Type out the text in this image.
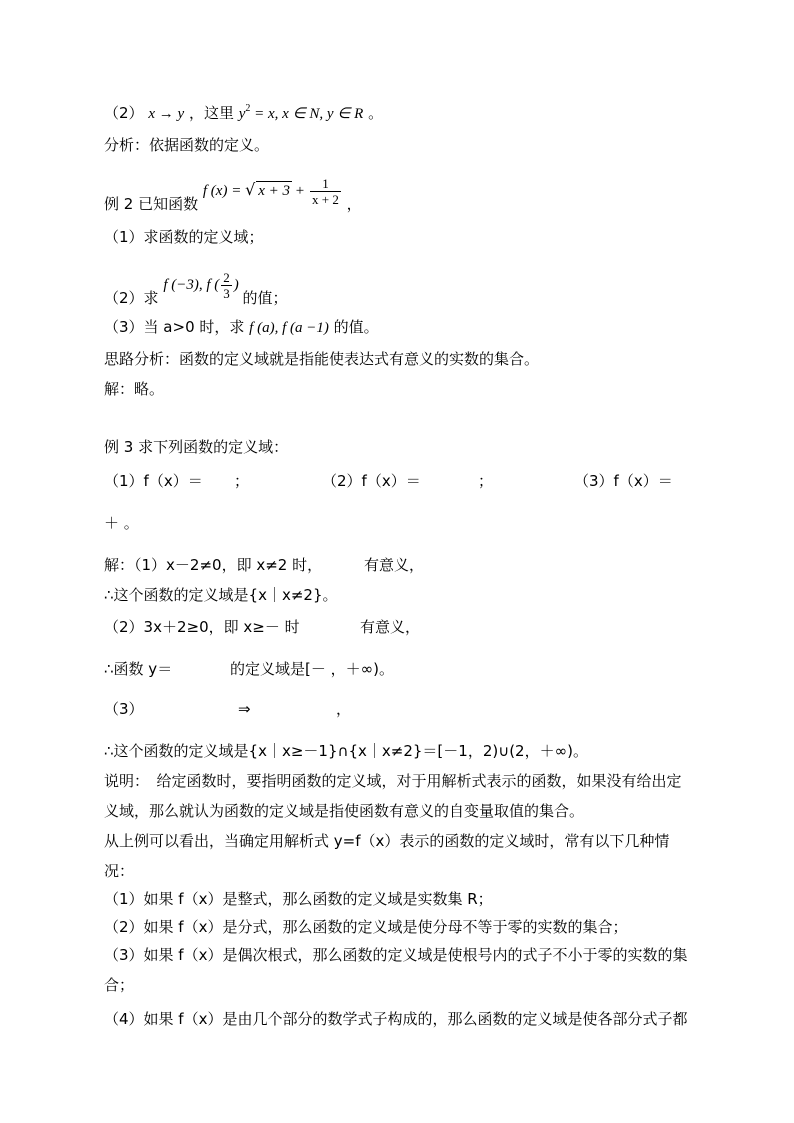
（2） x → y ，这里 $y^2 = x$, x ∈ N, y ∈ R 。
分析：依据函数的定义。
例 2 已知函数 f (x) = √ $x + 3 + \frac{1}{x + 2}$ ，
（1）求函数的定义域；
（2）求 f (−3), f ( $\frac{2}{3}$ ) 的值；
（3）当 a>0 时，求 f (a), f (a −1) 的值。
思路分析：函数的定义域就是指能使表达式有意义的实数的集合。
解：略。
例 3 求下列函数的定义域：
（1）f（x）＝ ；	（2）f（x）＝	；	（3）f（x）＝
＋ 。
解：（1）x－2≠0，即 x≠2 时，	有意义，
∴这个函数的定义域是{x｜x≠2}。
（2）3x＋2≥0，即 x≥－ 时	有意义，
∴函数 y＝	的定义域是[－ ，＋∞)。
（3）	⇒	，
∴这个函数的定义域是{x｜x≥－1}∩{x｜x≠2}＝[－1，2)∪(2，＋∞)。
说明：　给定函数时，要指明函数的定义域，对于用解析式表示的函数，如果没有给出定
义域，那么就认为函数的定义域是指使函数有意义的自变量取值的集合。
从上例可以看出，当确定用解析式 y=f（x）表示的函数的定义域时，常有以下几种情
况：
（1）如果 f（x）是整式，那么函数的定义域是实数集 R；
（2）如果 f（x）是分式，那么函数的定义域是使分母不等于零的实数的集合；
（3）如果 f（x）是偶次根式，那么函数的定义域是使根号内的式子不小于零的实数的集
合；
（4）如果 f（x）是由几个部分的数学式子构成的，那么函数的定义域是使各部分式子都
